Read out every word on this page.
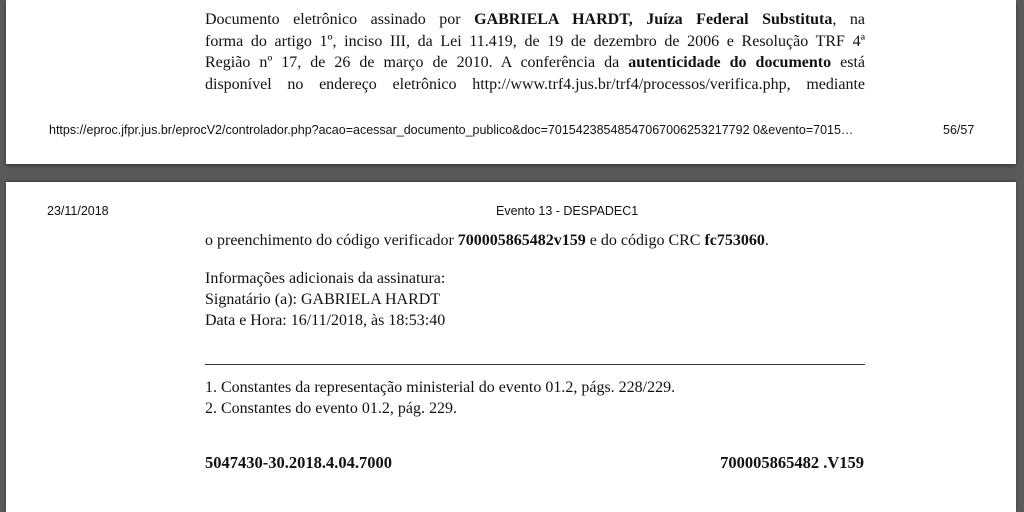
Documento eletrônico assinado por GABRIELA HARDT, Juíza Federal Substituta, na
forma do artigo 1º, inciso III, da Lei 11.419, de 19 de dezembro de 2006 e Resolução TRF 4ª
Região nº 17, de 26 de março de 2010. A conferência da autenticidade do documento está
disponível no endereço eletrônico http://www.trf4.jus.br/trf4/processos/verifica.php, mediante
https://eproc.jfpr.jus.br/eprocV2/controlador.php?acao=acessar_documento_publico&doc=70154238548547067006253217792 0&evento=7015…	56/57
23/11/2018	Evento 13 - DESPADEC1
o preenchimento do código verificador 700005865482v159 e do código CRC fc753060.
Informações adicionais da assinatura:
Signatário (a): GABRIELA HARDT
Data e Hora: 16/11/2018, às 18:53:40
1. Constantes da representação ministerial do evento 01.2, págs. 228/229.
2. Constantes do evento 01.2, pág. 229.
5047430-30.2018.4.04.7000	700005865482 .V159
